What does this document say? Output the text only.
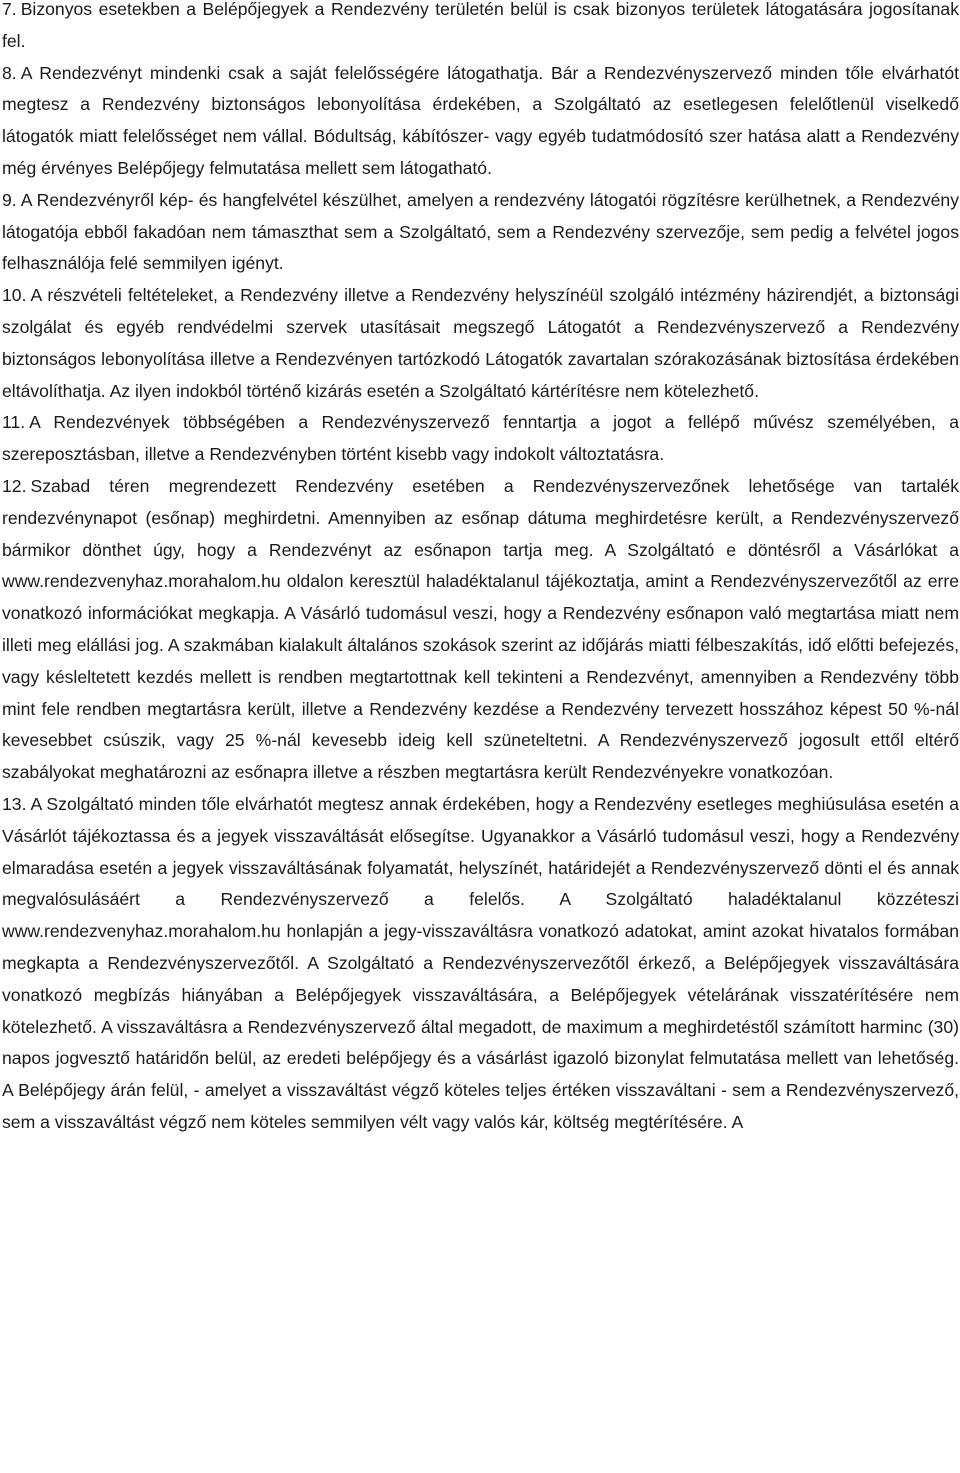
7. Bizonyos esetekben a Belépőjegyek a Rendezvény területén belül is csak bizonyos területek látogatására jogosítanak fel.

8. A Rendezvényt mindenki csak a saját felelősségére látogathatja. Bár a Rendezvényszervező minden tőle elvárhatót megtesz a Rendezvény biztonságos lebonyolítása érdekében, a Szolgáltató az esetlegesen felelőtlenül viselkedő látogatók miatt felelősséget nem vállal. Bódultság, kábítószer- vagy egyéb tudatmódosító szer hatása alatt a Rendezvény még érvényes Belépőjegy felmutatása mellett sem látogatható.

9. A Rendezvényről kép- és hangfelvétel készülhet, amelyen a rendezvény látogatói rögzítésre kerülhetnek, a Rendezvény látogatója ebből fakadóan nem támaszthat sem a Szolgáltató, sem a Rendezvény szervezője, sem pedig a felvétel jogos felhasználója felé semmilyen igényt.

10. A részvételi feltételeket, a Rendezvény illetve a Rendezvény helyszínéül szolgáló intézmény házirendjét, a biztonsági szolgálat és egyéb rendvédelmi szervek utasításait megszegő Látogatót a Rendezvényszervező a Rendezvény biztonságos lebonyolítása illetve a Rendezvényen tartózkodó Látogatók zavartalan szórakozásának biztosítása érdekében eltávolíthatja. Az ilyen indokból történő kizárás esetén a Szolgáltató kártérítésre nem kötelezhető.

11. A Rendezvények többségében a Rendezvényszervező fenntartja a jogot a fellépő művész személyében, a szereposztásban, illetve a Rendezvényben történt kisebb vagy indokolt változtatásra.

12. Szabad téren megrendezett Rendezvény esetében a Rendezvényszervezőnek lehetősége van tartalék rendezvénynapot (esőnap) meghirdetni. Amennyiben az esőnap dátuma meghirdetésre került, a Rendezvényszervező bármikor dönthet úgy, hogy a Rendezvényt az esőnapon tartja meg. A Szolgáltató e döntésről a Vásárlókat a www.rendezvenyhaz.morahalom.hu oldalon keresztül haladéktalanul tájékoztatja, amint a Rendezvényszervezőtől az erre vonatkozó információkat megkapja. A Vásárló tudomásul veszi, hogy a Rendezvény esőnapon való megtartása miatt nem illeti meg elállási jog. A szakmában kialakult általános szokások szerint az időjárás miatti félbeszakítás, idő előtti befejezés, vagy késleltetett kezdés mellett is rendben megtartottnak kell tekinteni a Rendezvényt, amennyiben a Rendezvény több mint fele rendben megtartásra került, illetve a Rendezvény kezdése a Rendezvény tervezett hosszához képest 50 %-nál kevesebbet csúszik, vagy 25 %-nál kevesebb ideig kell szüneteltetni. A Rendezvényszervező jogosult ettől eltérő szabályokat meghatározni az esőnapra illetve a részben megtartásra került Rendezvényekre vonatkozóan.

13. A Szolgáltató minden tőle elvárhatót megtesz annak érdekében, hogy a Rendezvény esetleges meghiúsulása esetén a Vásárlót tájékoztassa és a jegyek visszaváltását elősegítse. Ugyanakkor a Vásárló tudomásul veszi, hogy a Rendezvény elmaradása esetén a jegyek visszaváltásának folyamatát, helyszínét, határidejét a Rendezvényszervező dönti el és annak megvalósulásáért a Rendezvényszervező a felelős. A Szolgáltató haladéktalanul közzéteszi www.rendezvenyhaz.morahalom.hu honlapján a jegy-visszaváltásra vonatkozó adatokat, amint azokat hivatalos formában megkapta a Rendezvényszervezőtől. A Szolgáltató a Rendezvényszervezőtől érkező, a Belépőjegyek visszaváltására vonatkozó megbízás hiányában a Belépőjegyek visszaváltására, a Belépőjegyek vételárának visszatérítésére nem kötelezhető. A visszaváltásra a Rendezvényszervező által megadott, de maximum a meghirdetéstől számított harminc (30) napos jogvesztő határidőn belül, az eredeti belépőjegy és a vásárlást igazoló bizonylat felmutatása mellett van lehetőség. A Belépőjegy árán felül, - amelyet a visszaváltást végző köteles teljes értéken visszaváltani - sem a Rendezvényszervező, sem a visszaváltást végző nem köteles semmilyen vélt vagy valós kár, költség megtérítésére. A
